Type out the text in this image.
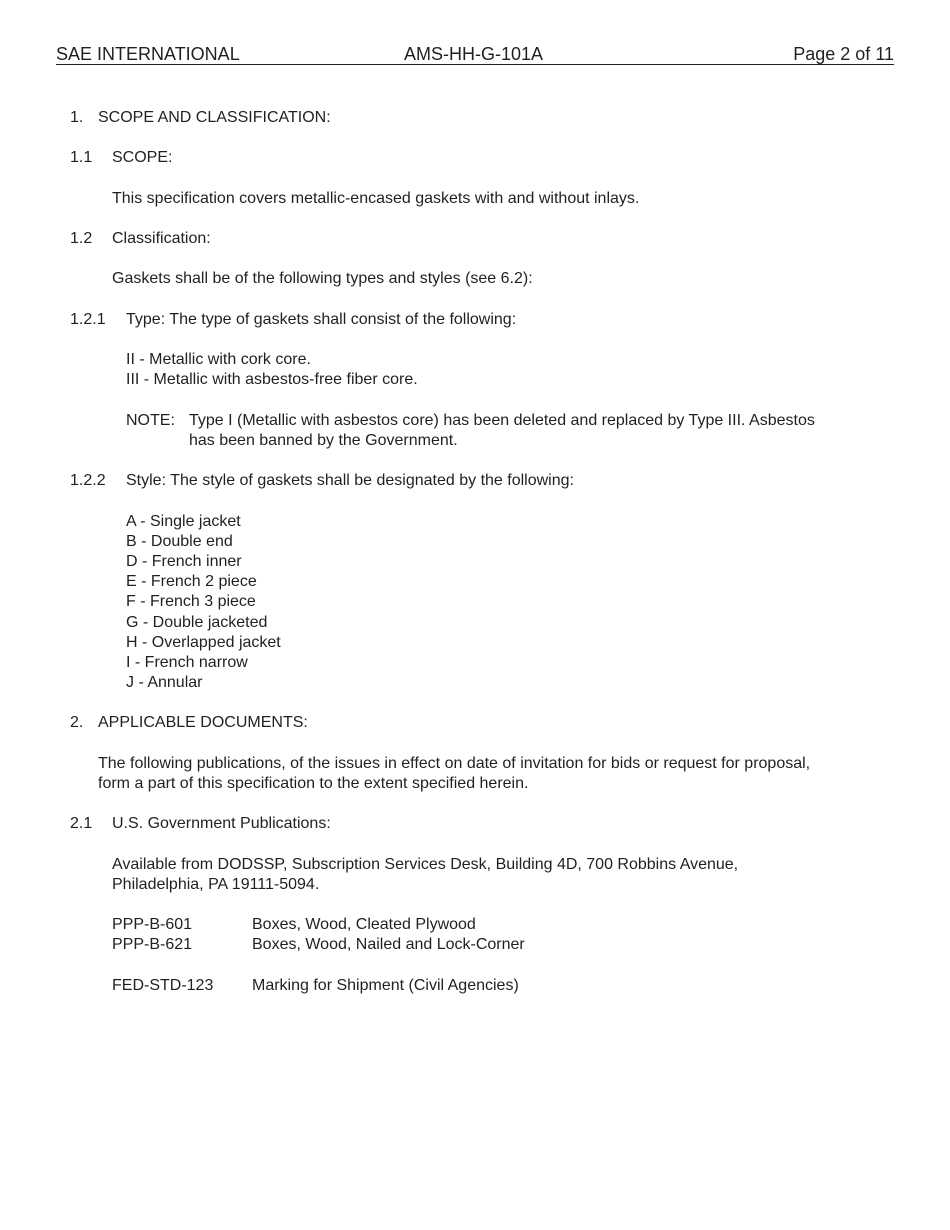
SAE INTERNATIONAL	AMS-HH-G-101A	Page 2 of 11
1. SCOPE AND CLASSIFICATION:
1.1 SCOPE:
This specification covers metallic-encased gaskets with and without inlays.
1.2 Classification:
Gaskets shall be of the following types and styles (see 6.2):
1.2.1 Type: The type of gaskets shall consist of the following:
II - Metallic with cork core.
III - Metallic with asbestos-free fiber core.
NOTE: Type I (Metallic with asbestos core) has been deleted and replaced by Type III. Asbestos
has been banned by the Government.
1.2.2 Style: The style of gaskets shall be designated by the following:
A - Single jacket
B - Double end
D - French inner
E - French 2 piece
F - French 3 piece
G - Double jacketed
H - Overlapped jacket
I - French narrow
J - Annular
2. APPLICABLE DOCUMENTS:
The following publications, of the issues in effect on date of invitation for bids or request for proposal,
form a part of this specification to the extent specified herein.
2.1 U.S. Government Publications:
Available from DODSSP, Subscription Services Desk, Building 4D, 700 Robbins Avenue,
Philadelphia, PA 19111-5094.
PPP-B-601	Boxes, Wood, Cleated Plywood
PPP-B-621	Boxes, Wood, Nailed and Lock-Corner
FED-STD-123 Marking for Shipment (Civil Agencies)
